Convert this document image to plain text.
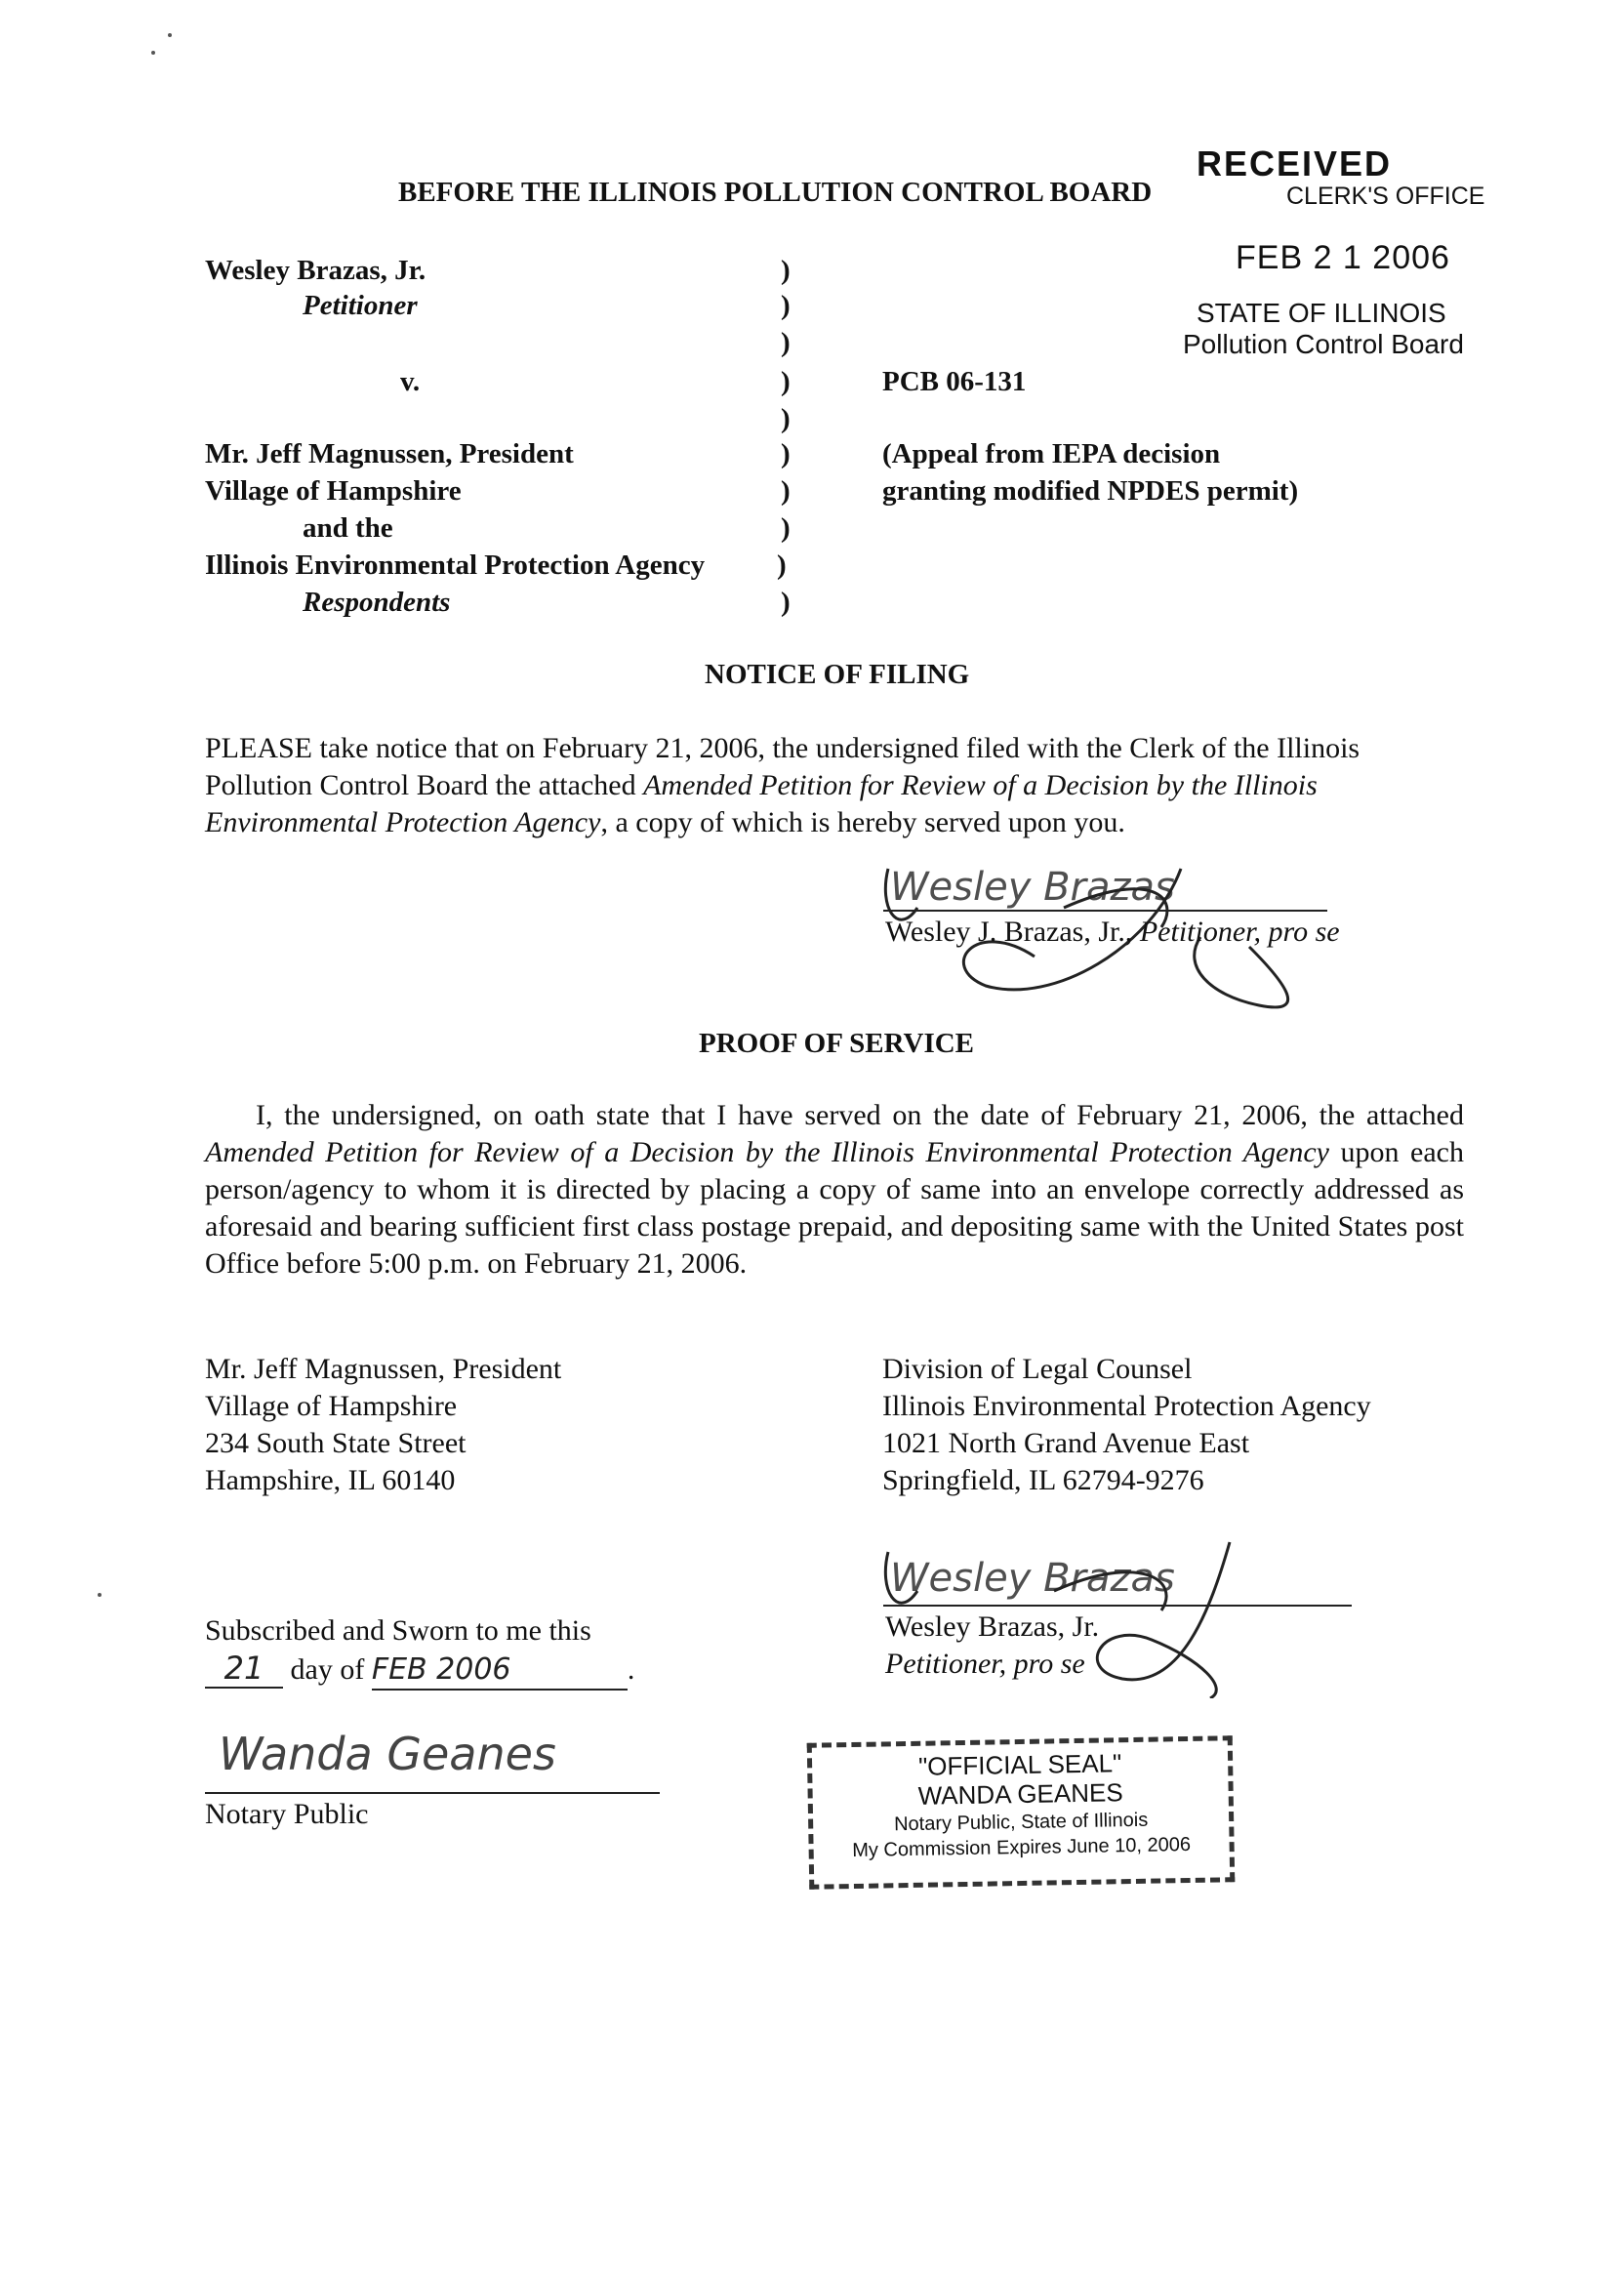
RECEIVED
CLERK'S OFFICE
FEB 2 1 2006
STATE OF ILLINOIS
Pollution Control Board
BEFORE THE ILLINOIS POLLUTION CONTROL BOARD
Wesley Brazas, Jr.
Petitioner
v.
Mr. Jeff Magnussen, President
Village of Hampshire
and the
Illinois Environmental Protection Agency
Respondents
)
)
)
)
)
)
)
)
)
)
PCB 06-131
(Appeal from IEPA decision
granting modified NPDES permit)
NOTICE OF FILING
PLEASE take notice that on February 21, 2006, the undersigned filed with the Clerk of the Illinois Pollution Control Board the attached Amended Petition for Review of a Decision by the Illinois Environmental Protection Agency, a copy of which is hereby served upon you.
Wesley Brazas
Wesley J. Brazas, Jr., Petitioner, pro se
PROOF OF SERVICE
I, the undersigned, on oath state that I have served on the date of February 21, 2006, the attached Amended Petition for Review of a Decision by the Illinois Environmental Protection Agency upon each person/agency to whom it is directed by placing a copy of same into an envelope correctly addressed as aforesaid and bearing sufficient first class postage prepaid, and depositing same with the United States post Office before 5:00 p.m. on February 21, 2006.
Mr. Jeff Magnussen, President
Village of Hampshire
234 South State Street
Hampshire, IL 60140
Division of Legal Counsel
Illinois Environmental Protection Agency
1021 North Grand Avenue East
Springfield, IL 62794-9276
Wesley Brazas
Wesley Brazas, Jr.
Petitioner, pro se
Subscribed and Sworn to me this
21 day of FEB 2006	.
Wanda Geanes
Notary Public
"OFFICIAL SEAL"
WANDA GEANES
Notary Public, State of Illinois
My Commission Expires June 10, 2006
